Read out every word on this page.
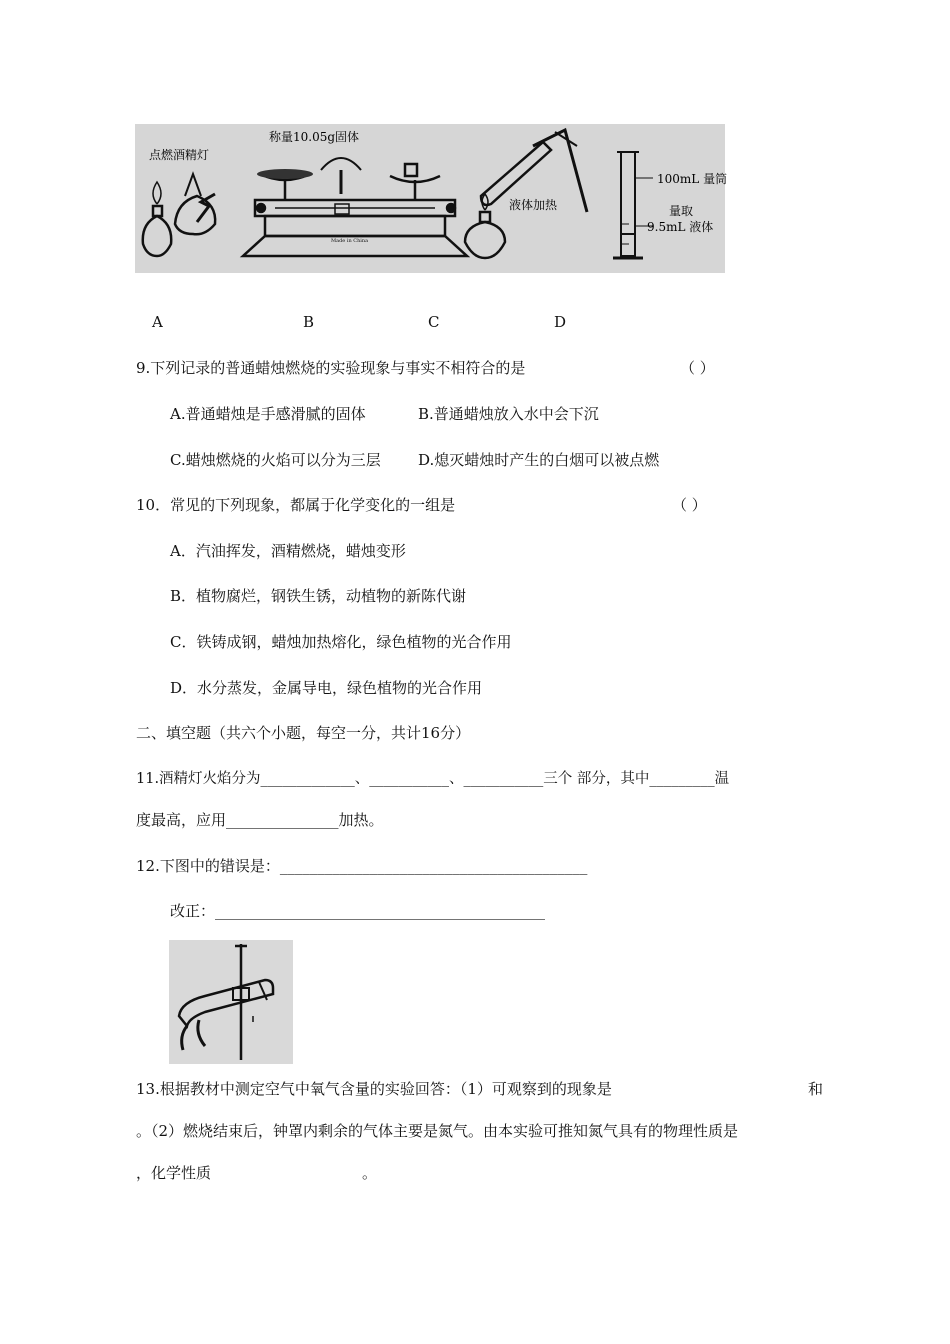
点燃酒精灯
称量10.05g固体
液体加热
100mL 量筒
量取
9.5mL 液体
Made in China
A	B	C	D
9.下列记录的普通蜡烛燃烧的实验现象与事实不相符合的是	（ ）
A.普通蜡烛是手感滑腻的固体	B.普通蜡烛放入水中会下沉
C.蜡烛燃烧的火焰可以分为三层 D.熄灭蜡烛时产生的白烟可以被点燃
10．常见的下列现象，都属于化学变化的一组是	（ ）
A．汽油挥发，酒精燃烧，蜡烛变形
B．植物腐烂，钢铁生锈，动植物的新陈代谢
C．铁铸成钢，蜡烛加热熔化，绿色植物的光合作用
D．水分蒸发，金属导电，绿色植物的光合作用
二、填空题（共六个小题，每空一分，共计16分）
11.酒精灯火焰分为_____________、___________、___________三个 部分，其中_________温
度最高，应用_______________加热。
12.下图中的错误是：_________________________________________
改正：____________________________________________
13.根据教材中测定空气中氧气含量的实验回答：（1）可观察到的现象是	和
。（2）燃烧结束后，钟罩内剩余的气体主要是氮气。由本实验可推知氮气具有的物理性质是
，化学性质	。
